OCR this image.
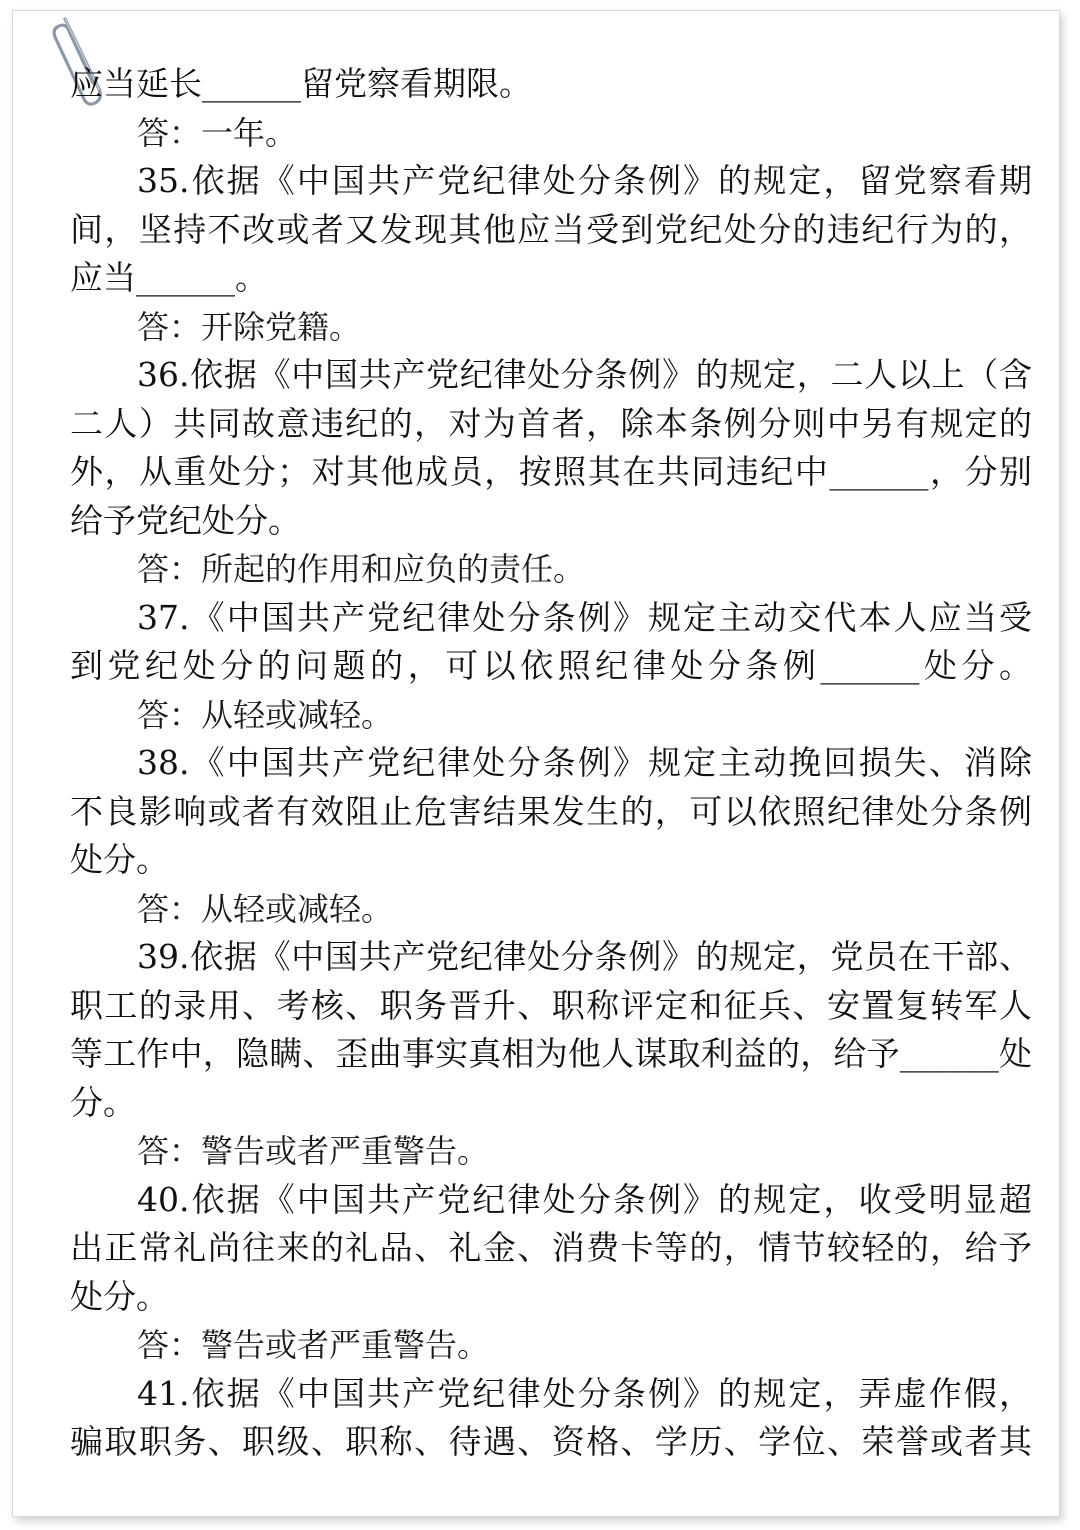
应当延长______留党察看期限。
答：一年。
35.依据《中国共产党纪律处分条例》的规定，留党察看期
间，坚持不改或者又发现其他应当受到党纪处分的违纪行为的，
应当______。
答：开除党籍。
36.依据《中国共产党纪律处分条例》的规定，二人以上（含
二人）共同故意违纪的，对为首者，除本条例分则中另有规定的
外，从重处分；对其他成员，按照其在共同违纪中______，分别
给予党纪处分。
答：所起的作用和应负的责任。
37.《中国共产党纪律处分条例》规定主动交代本人应当受
到党纪处分的问题的，可以依照纪律处分条例______处分。
答：从轻或减轻。
38.《中国共产党纪律处分条例》规定主动挽回损失、消除
不良影响或者有效阻止危害结果发生的，可以依照纪律处分条例
处分。
答：从轻或减轻。
39.依据《中国共产党纪律处分条例》的规定，党员在干部、
职工的录用、考核、职务晋升、职称评定和征兵、安置复转军人
等工作中，隐瞒、歪曲事实真相为他人谋取利益的，给予______处
分。
答：警告或者严重警告。
40.依据《中国共产党纪律处分条例》的规定，收受明显超
出正常礼尚往来的礼品、礼金、消费卡等的，情节较轻的，给予
处分。
答：警告或者严重警告。
41.依据《中国共产党纪律处分条例》的规定，弄虚作假，
骗取职务、职级、职称、待遇、资格、学历、学位、荣誉或者其
